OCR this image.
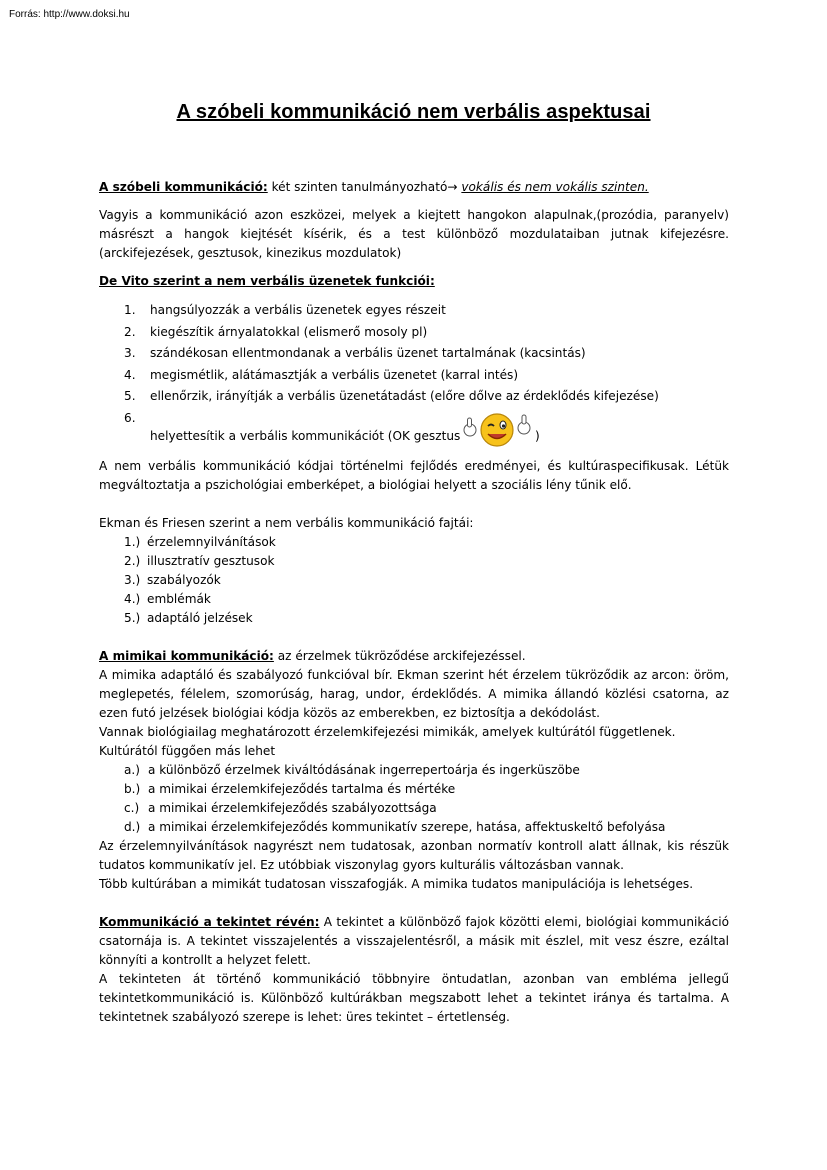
Forrás: http://www.doksi.hu
A szóbeli kommunikáció nem verbális aspektusai

A szóbeli kommunikáció: két szinten tanulmányozható→ vokális és nem vokális szinten.

Vagyis a kommunikáció azon eszközei, melyek a kiejtett hangokon alapulnak,(prozódia, paranyelv) másrészt a hangok kiejtését kísérik, és a test különböző mozdulataiban jutnak kifejezésre. (arckifejezések, gesztusok, kinezikus mozdulatok)

De Vito szerint a nem verbális üzenetek funkciói:

1. hangsúlyozzák a verbális üzenetek egyes részeit
2. kiegészítik árnyalatokkal (elismerő mosoly pl)
3. szándékosan ellentmondanak a verbális üzenet tartalmának (kacsintás)
4. megismétlik, alátámasztják a verbális üzenetet (karral intés)
5. ellenőrzik, irányítják a verbális üzenetátadást (előre dőlve az érdeklődés kifejezése)
6.
helyettesítik a verbális kommunikációt (OK gesztus	)

A nem verbális kommunikáció kódjai történelmi fejlődés eredményei, és kultúraspecifikusak. Létük megváltoztatja a pszichológiai emberképet, a biológiai helyett a szociális lény tűnik elő.

Ekman és Friesen szerint a nem verbális kommunikáció fajtái:

1.) érzelemnyilvánítások
2.) illusztratív gesztusok
3.) szabályozók
4.) emblémák
5.) adaptáló jelzések

A mimikai kommunikáció: az érzelmek tükröződése arckifejezéssel.

A mimika adaptáló és szabályozó funkcióval bír. Ekman szerint hét érzelem tükröződik az arcon: öröm, meglepetés, félelem, szomorúság, harag, undor, érdeklődés. A mimika állandó közlési csatorna, az ezen futó jelzések biológiai kódja közös az emberekben, ez biztosítja a dekódolást.

Vannak biológiailag meghatározott érzelemkifejezési mimikák, amelyek kultúrától függetlenek.

Kultúrától függően más lehet

a.) a különböző érzelmek kiváltódásának ingerrepertoárja és ingerküszöbe
b.) a mimikai érzelemkifejeződés tartalma és mértéke
c.) a mimikai érzelemkifejeződés szabályozottsága
d.) a mimikai érzelemkifejeződés kommunikatív szerepe, hatása, affektuskeltő befolyása

Az érzelemnyilvánítások nagyrészt nem tudatosak, azonban normatív kontroll alatt állnak, kis részük tudatos kommunikatív jel. Ez utóbbiak viszonylag gyors kulturális változásban vannak.

Több kultúrában a mimikát tudatosan visszafogják. A mimika tudatos manipulációja is lehetséges.

Kommunikáció a tekintet révén: A tekintet a különböző fajok közötti elemi, biológiai kommunikáció csatornája is. A tekintet visszajelentés a visszajelentésről, a másik mit észlel, mit vesz észre, ezáltal könnyíti a kontrollt a helyzet felett.

A tekinteten át történő kommunikáció többnyire öntudatlan, azonban van embléma jellegű tekintetkommunikáció is. Különböző kultúrákban megszabott lehet a tekintet iránya és tartalma. A tekintetnek szabályozó szerepe is lehet: üres tekintet – értetlenség.
